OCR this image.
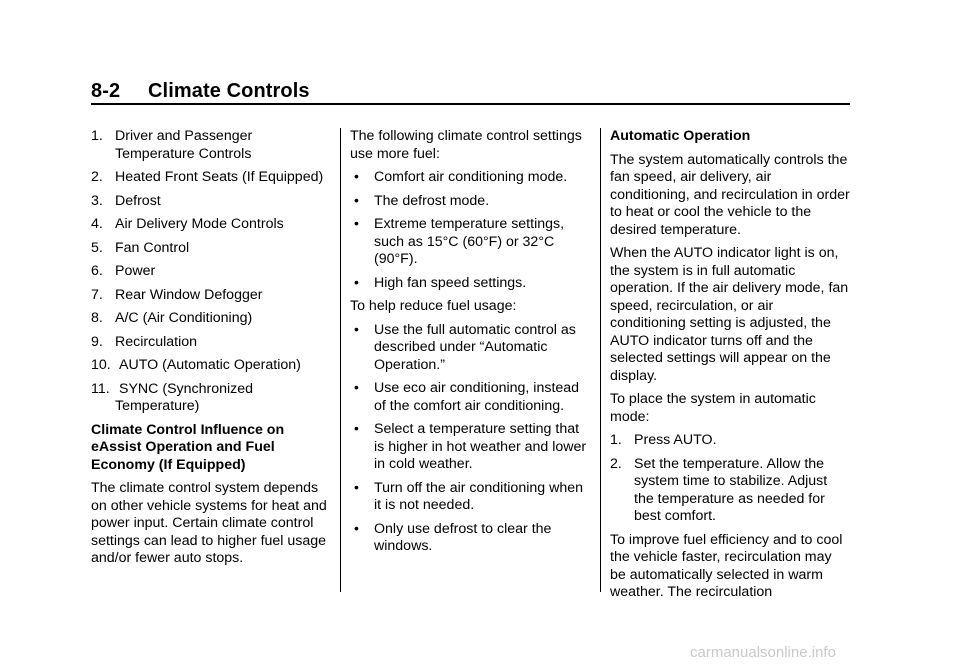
8-2 Climate Controls
1. Driver and Passenger Temperature Controls
2. Heated Front Seats (If Equipped)
3. Defrost
4. Air Delivery Mode Controls
5. Fan Control
6. Power
7. Rear Window Defogger
8. A/C (Air Conditioning)
9. Recirculation
10. AUTO (Automatic Operation)
11. SYNC (Synchronized Temperature)

Climate Control Influence on eAssist Operation and Fuel Economy (If Equipped)

The climate control system depends on other vehicle systems for heat and power input. Certain climate control settings can lead to higher fuel usage and/or fewer auto stops.

The following climate control settings use more fuel:

• Comfort air conditioning mode.
• The defrost mode.
• Extreme temperature settings, such as 15°C (60°F) or 32°C (90°F).
• High fan speed settings.

To help reduce fuel usage:

• Use the full automatic control as described under “Automatic Operation.”
• Use eco air conditioning, instead of the comfort air conditioning.
• Select a temperature setting that is higher in hot weather and lower in cold weather.
• Turn off the air conditioning when it is not needed.
• Only use defrost to clear the windows.

Automatic Operation

The system automatically controls the fan speed, air delivery, air conditioning, and recirculation in order to heat or cool the vehicle to the desired temperature.

When the AUTO indicator light is on, the system is in full automatic operation. If the air delivery mode, fan speed, recirculation, or air conditioning setting is adjusted, the AUTO indicator turns off and the selected settings will appear on the display.

To place the system in automatic mode:

1. Press AUTO.
2. Set the temperature. Allow the system time to stabilize. Adjust the temperature as needed for best comfort.

To improve fuel efficiency and to cool the vehicle faster, recirculation may be automatically selected in warm weather. The recirculation

carmanualsonline.info
